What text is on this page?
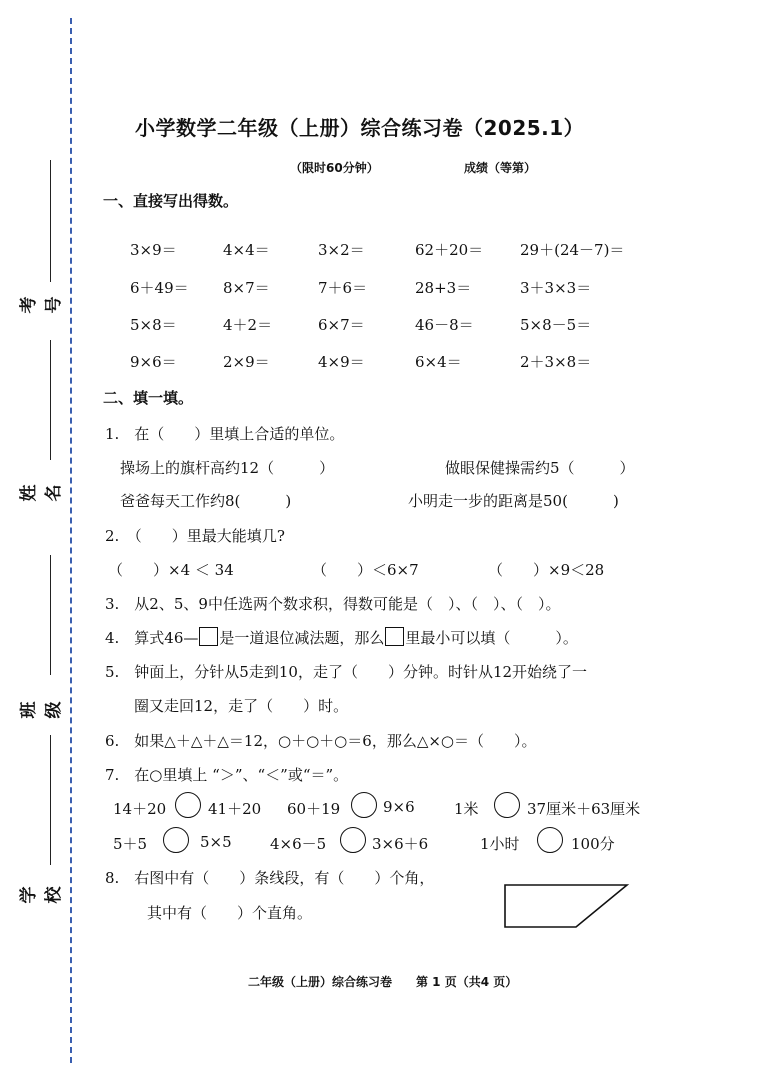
考号
姓名
班级
学校
小学数学二年级（上册）综合练习卷（2025.1）
（限时60分钟）	成绩（等第）
一、直接写出得数。
3×9＝	4×4＝	3×2＝	62＋20＝ 29＋(24－7)＝
6＋49＝ 8×7＝	7＋6＝	28+3＝	3＋3×3＝
5×8＝	4＋2＝	6×7＝	46－8＝	5×8－5＝
9×6＝	2×9＝	4×9＝	6×4＝	2＋3×8＝
二、填一填。
1.　在（　　）里填上合适的单位。
操场上的旗杆高约12（　　　）	做眼保健操需约5（　　　）
爸爸每天工作约8(　　　)	小明走一步的距离是50(　　　)
2.　（　　）里最大能填几?
（　　）×4 ＜ 34	（　　）＜6×7	（　　）×9＜28
3.　从2、5、9中任选两个数求积，得数可能是（　）、（　）、（　）。
4.　算式46— 是一道退位减法题，那么 里最小可以填（　　　）。
5.　钟面上，分针从5走到10，走了（　　）分钟。时针从12开始绕了一
圈又走回12，走了（　　）时。
6.　如果△＋△＋△＝12，○＋○＋○＝6，那么△×○＝（　　）。
7.　在○里填上 “＞”、“＜”或“＝”。
14＋20	41＋20 60＋19	9×6	1米	37厘米＋63厘米
5＋5	5×5	4×6－5	3×6＋6	1小时	100分
8.　右图中有（　　）条线段，有（　　）个角，
其中有（　　）个直角。
二年级（上册）综合练习卷　　第 1 页（共4 页）
